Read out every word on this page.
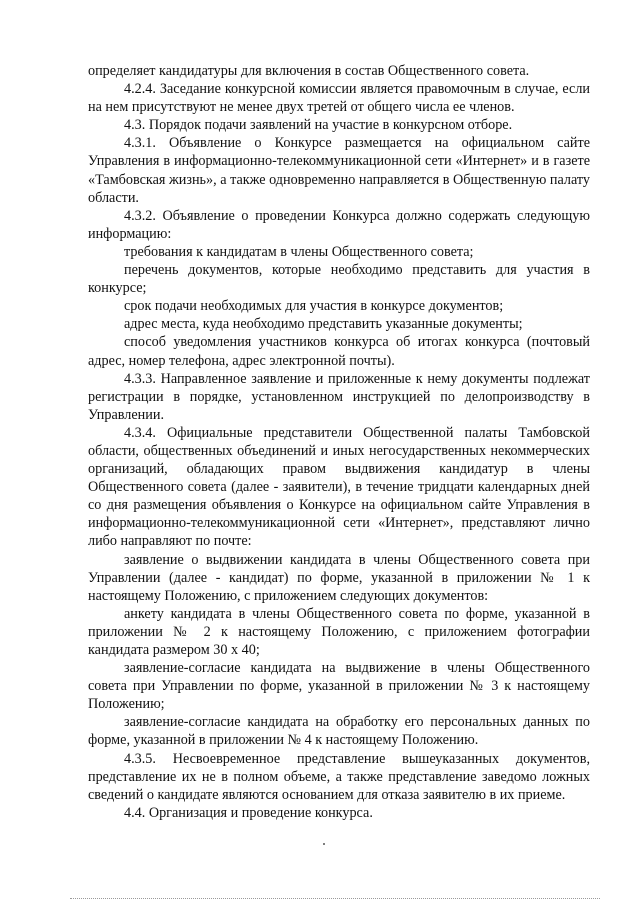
определяет кандидатуры для включения в состав Общественного совета.

4.2.4. Заседание конкурсной комиссии является правомочным в случае, если на нем присутствуют не менее двух третей от общего числа ее членов.

4.3. Порядок подачи заявлений на участие в конкурсном отборе.

4.3.1. Объявление о Конкурсе размещается на официальном сайте Управления в информационно-телекоммуникационной сети «Интернет» и в газете «Тамбовская жизнь», а также одновременно направляется в Общественную палату области.

4.3.2. Объявление о проведении Конкурса должно содержать следующую информацию:

требования к кандидатам в члены Общественного совета;

перечень документов, которые необходимо представить для участия в конкурсе;

срок подачи необходимых для участия в конкурсе документов;

адрес места, куда необходимо представить указанные документы;

способ уведомления участников конкурса об итогах конкурса (почтовый адрес, номер телефона, адрес электронной почты).

4.3.3. Направленное заявление и приложенные к нему документы подлежат регистрации в порядке, установленном инструкцией по делопроизводству в Управлении.

4.3.4. Официальные представители Общественной палаты Тамбовской области, общественных объединений и иных негосударственных некоммерческих организаций, обладающих правом выдвижения кандидатур в члены Общественного совета (далее - заявители), в течение тридцати календарных дней со дня размещения объявления о Конкурсе на официальном сайте Управления в информационно-телекоммуникационной сети «Интернет», представляют лично либо направляют по почте:

заявление о выдвижении кандидата в члены Общественного совета при Управлении (далее - кандидат) по форме, указанной в приложении № 1 к настоящему Положению, с приложением следующих документов:

анкету кандидата в члены Общественного совета по форме, указанной в приложении № 2 к настоящему Положению, с приложением фотографии кандидата размером 30 х 40;

заявление-согласие кандидата на выдвижение в члены Общественного совета при Управлении по форме, указанной в приложении № 3 к настоящему Положению;

заявление-согласие кандидата на обработку его персональных данных по форме, указанной в приложении № 4 к настоящему Положению.

4.3.5. Несвоевременное представление вышеуказанных документов, представление их не в полном объеме, а также представление заведомо ложных сведений о кандидате являются основанием для отказа заявителю в их приеме.

4.4. Организация и проведение конкурса.
